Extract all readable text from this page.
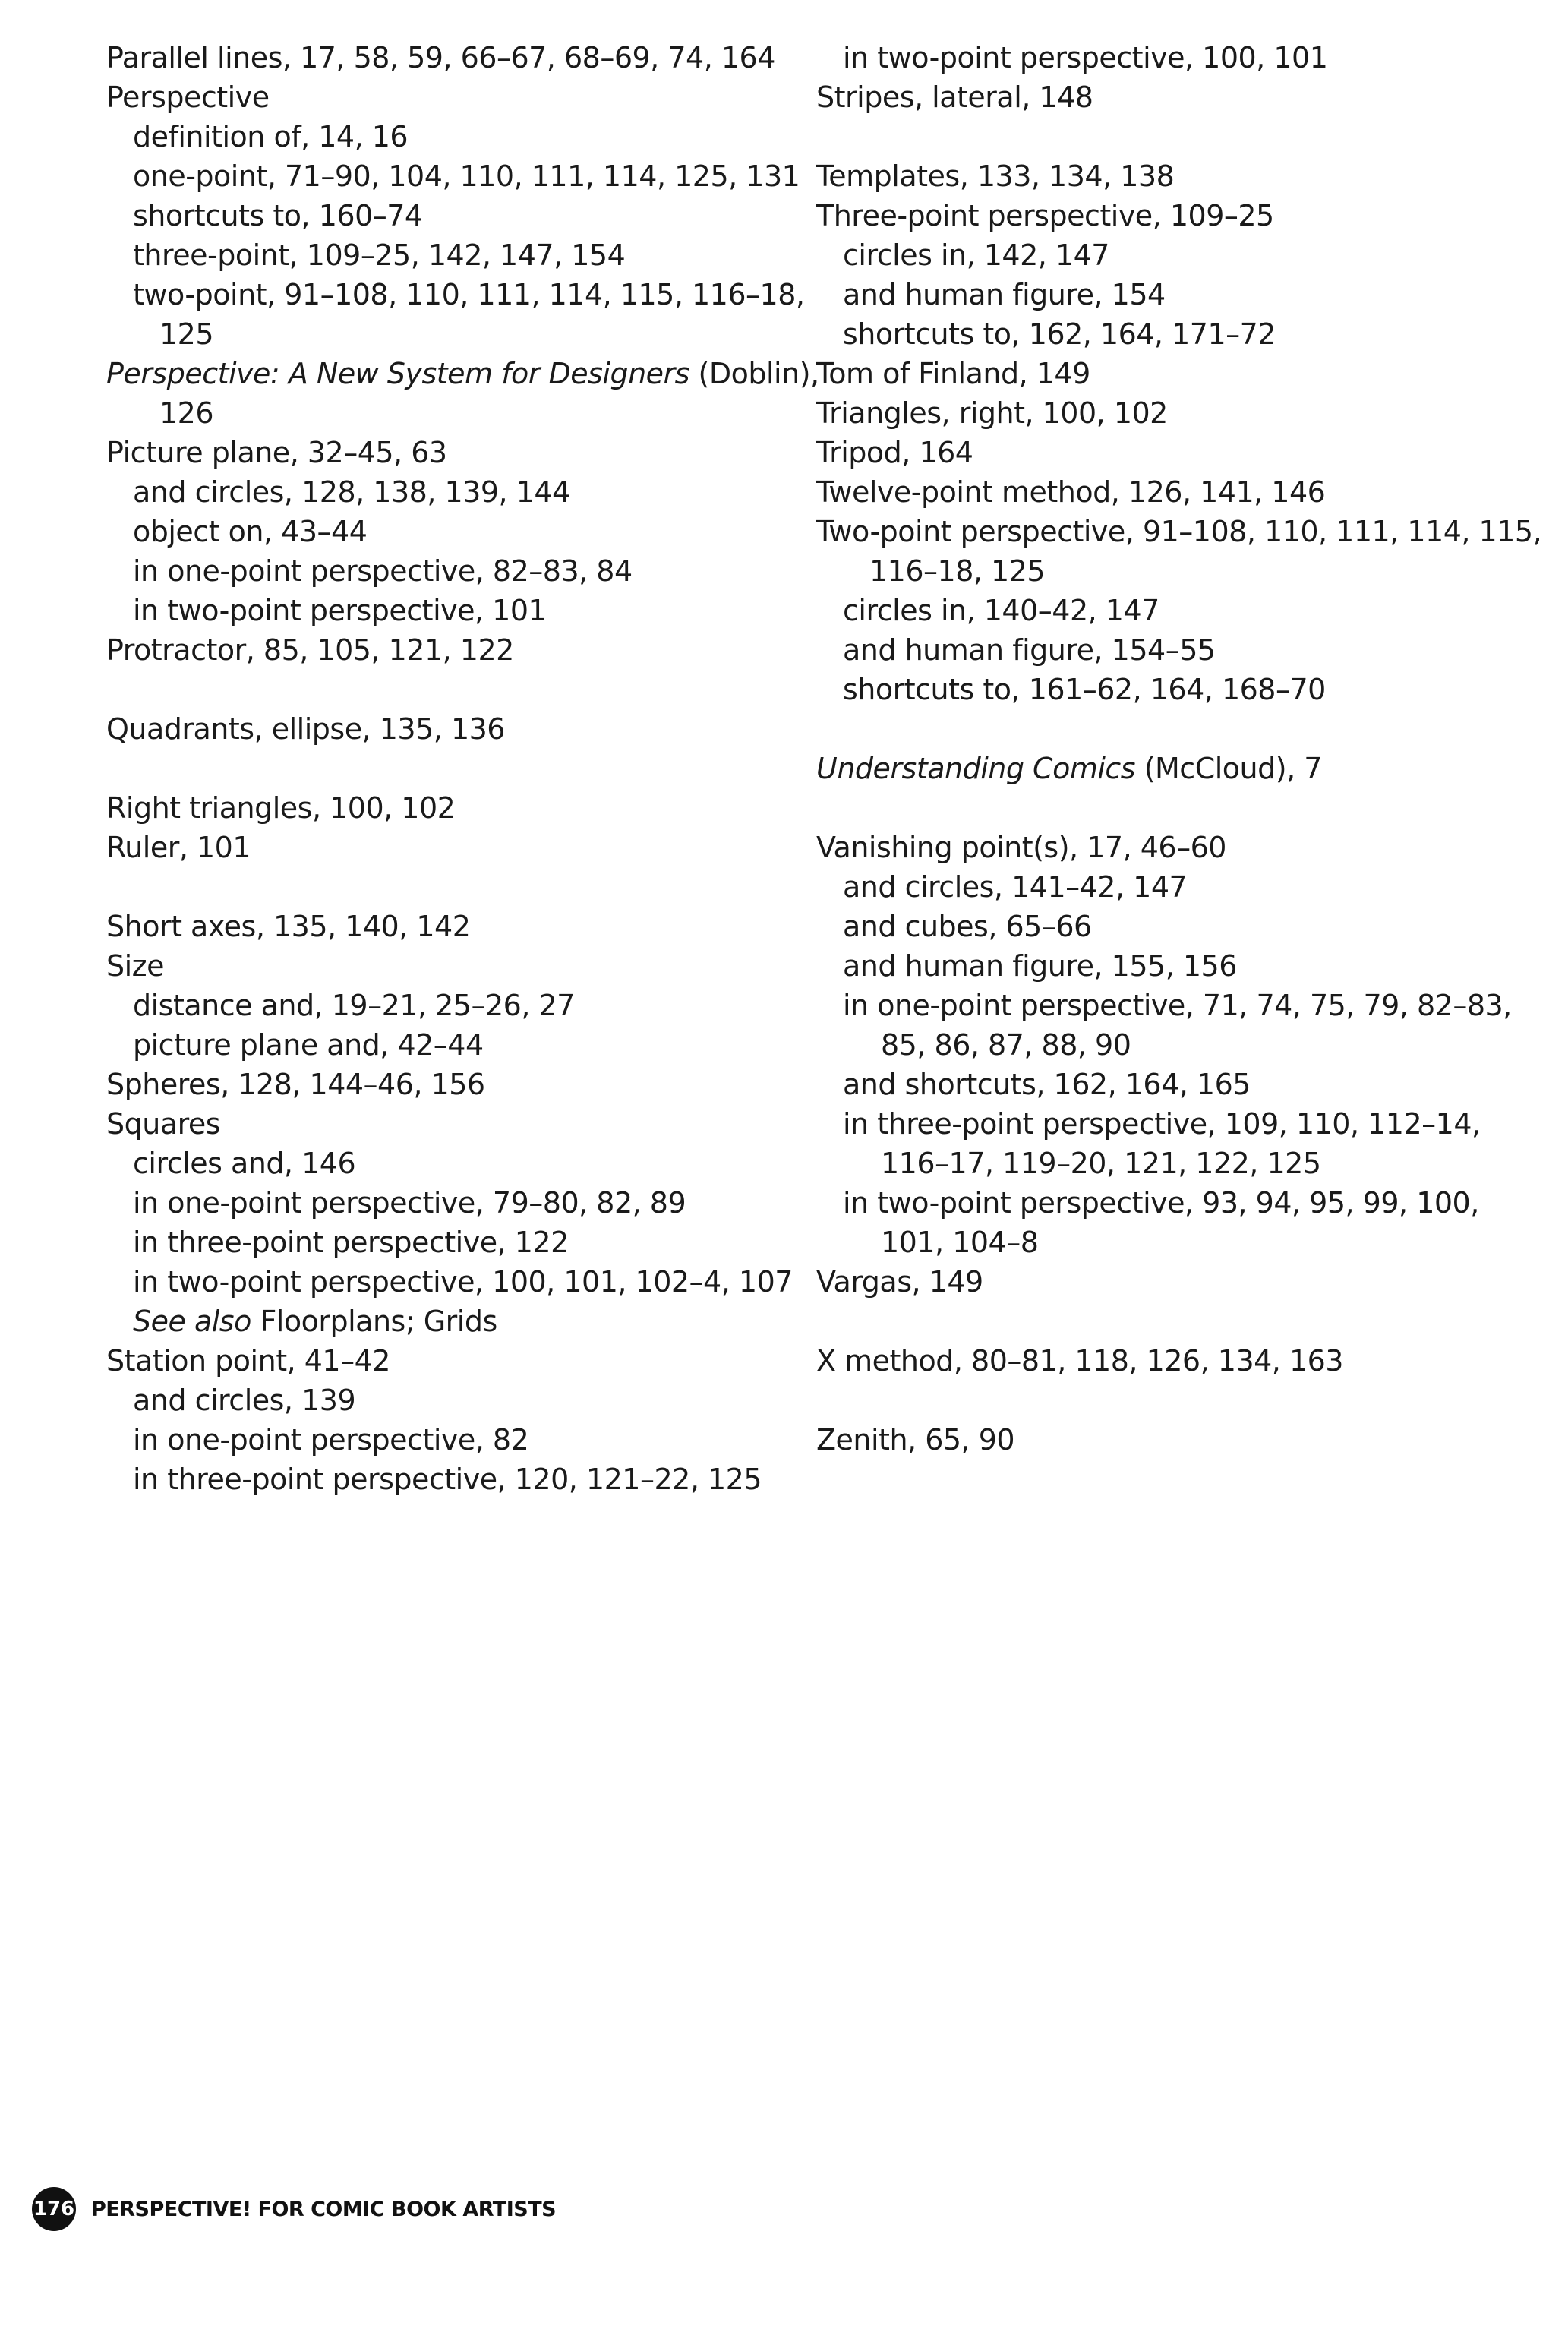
Parallel lines, 17, 58, 59, 66–67, 68–69, 74, 164
Perspective
definition of, 14, 16
one-point, 71–90, 104, 110, 111, 114, 125, 131
shortcuts to, 160–74
three-point, 109–25, 142, 147, 154
two-point, 91–108, 110, 111, 114, 115, 116–18,
125
Perspective: A New System for Designers (Doblin),
126
Picture plane, 32–45, 63
and circles, 128, 138, 139, 144
object on, 43–44
in one-point perspective, 82–83, 84
in two-point perspective, 101
Protractor, 85, 105, 121, 122
Quadrants, ellipse, 135, 136
Right triangles, 100, 102
Ruler, 101
Short axes, 135, 140, 142
Size
distance and, 19–21, 25–26, 27
picture plane and, 42–44
Spheres, 128, 144–46, 156
Squares
circles and, 146
in one-point perspective, 79–80, 82, 89
in three-point perspective, 122
in two-point perspective, 100, 101, 102–4, 107
See also Floorplans; Grids
Station point, 41–42
and circles, 139
in one-point perspective, 82
in three-point perspective, 120, 121–22, 125
in two-point perspective, 100, 101
Stripes, lateral, 148
Templates, 133, 134, 138
Three-point perspective, 109–25
circles in, 142, 147
and human figure, 154
shortcuts to, 162, 164, 171–72
Tom of Finland, 149
Triangles, right, 100, 102
Tripod, 164
Twelve-point method, 126, 141, 146
Two-point perspective, 91–108, 110, 111, 114, 115,
116–18, 125
circles in, 140–42, 147
and human figure, 154–55
shortcuts to, 161–62, 164, 168–70
Understanding Comics (McCloud), 7
Vanishing point(s), 17, 46–60
and circles, 141–42, 147
and cubes, 65–66
and human figure, 155, 156
in one-point perspective, 71, 74, 75, 79, 82–83,
85, 86, 87, 88, 90
and shortcuts, 162, 164, 165
in three-point perspective, 109, 110, 112–14,
116–17, 119–20, 121, 122, 125
in two-point perspective, 93, 94, 95, 99, 100,
101, 104–8
Vargas, 149
X method, 80–81, 118, 126, 134, 163
Zenith, 65, 90
176 PERSPECTIVE! FOR COMIC BOOK ARTISTS
